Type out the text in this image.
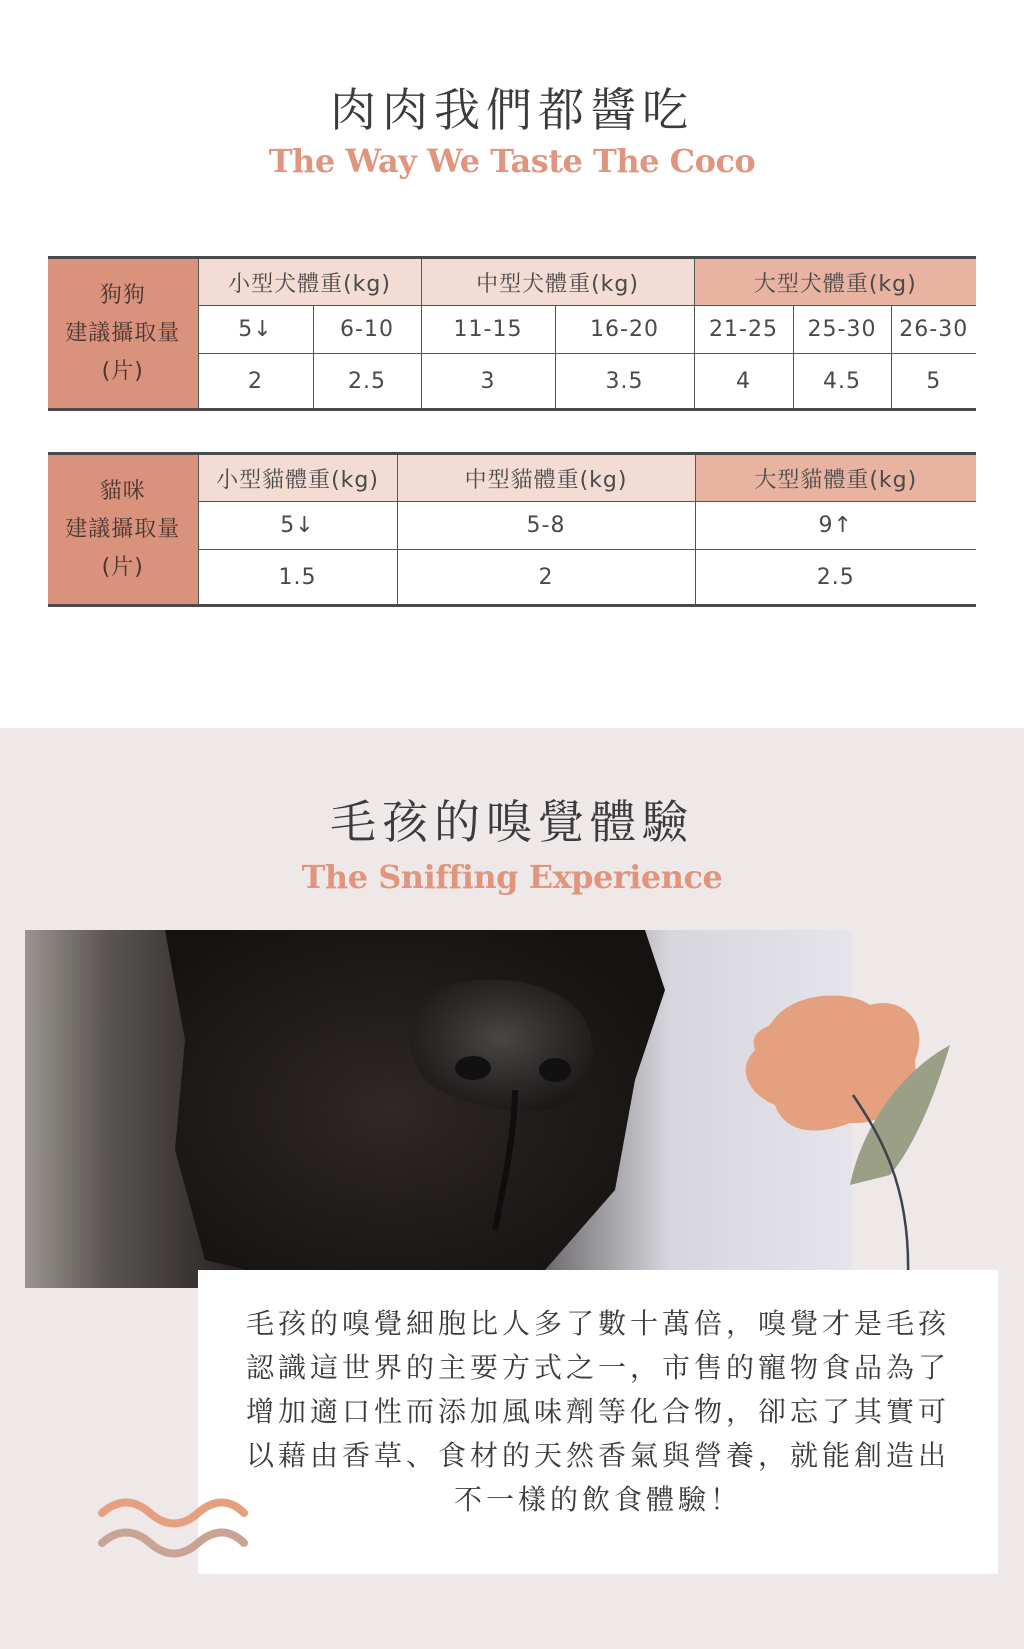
肉肉我們都醬吃
The Way We Taste The Coco
狗狗
建議攝取量
(片)	小型犬體重(kg)		中型犬體重(kg)		大型犬體重(kg)		
	5↓	6-10	11-15	16-20	21-25	25-30	26-30
	2	2.5	3	3.5	4	4.5	5
貓咪
建議攝取量
(片)	小型貓體重(kg)	中型貓體重(kg)	大型貓體重(kg)
	5↓	5-8	9↑
	1.5	2	2.5
毛孩的嗅覺體驗
The Sniffing Experience
毛孩的嗅覺細胞比人多了數十萬倍，嗅覺才是毛孩認識這世界的主要方式之一，市售的寵物食品為了增加適口性而添加風味劑等化合物，卻忘了其實可以藉由香草、食材的天然香氣與營養，就能創造出不一樣的飲食體驗！
